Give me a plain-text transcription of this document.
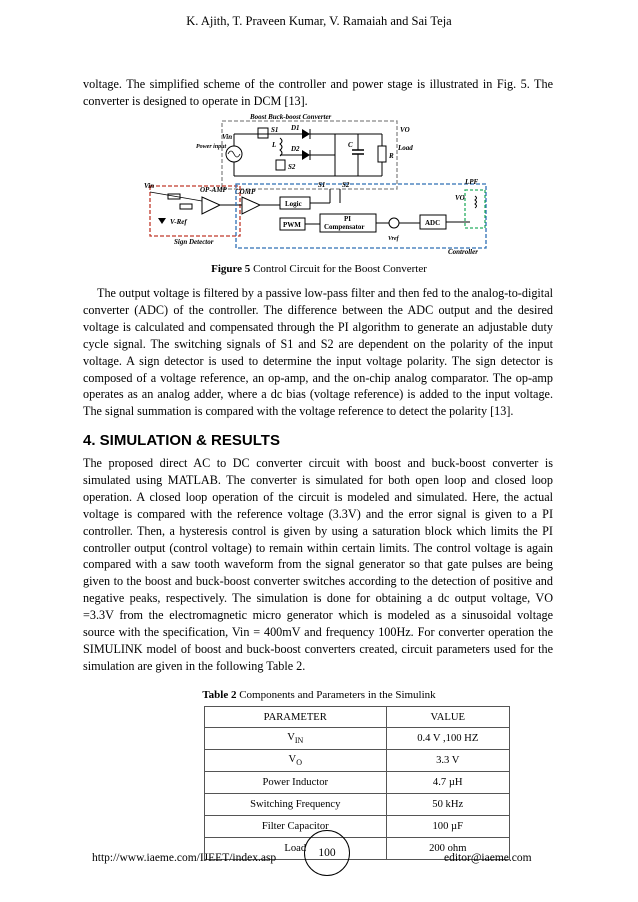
K. Ajith, T. Praveen Kumar, V. Ramaiah and Sai Teja

voltage. The simplified scheme of the controller and power stage is illustrated in Fig. 5. The converter is designed to operate in DCM [13].

Boost Buck-boost Converter
Vin
Power input
S1 D1
L D2
S2
C
R
Load
VO
Vin	OP-AMP
V-Ref
Sign Detector
COMP
Logic
PWM
PI
Compensator
Vref
ADC
S1 S2
Controller
LPF
VO
Figure 5 Control Circuit for the Boost Converter

The output voltage is filtered by a passive low-pass filter and then fed to the analog-to-digital converter (ADC) of the controller. The difference between the ADC output and the desired voltage is calculated and compensated through the PI algorithm to generate an adjustable duty cycle signal. The switching signals of S1 and S2 are dependent on the polarity of the input voltage. A sign detector is used to determine the input voltage polarity. The sign detector is composed of a voltage reference, an op-amp, and the on-chip analog comparator. The op-amp operates as an analog adder, where a dc bias (voltage reference) is added to the input voltage. The signal summation is compared with the voltage reference to detect the polarity [13].

4. SIMULATION & RESULTS

The proposed direct AC to DC converter circuit with boost and buck-boost converter is simulated using MATLAB. The converter is simulated for both open loop and closed loop operation. A closed loop operation of the circuit is modeled and simulated. Here, the actual voltage is compared with the reference voltage (3.3V) and the error signal is given to a PI controller. Then, a hysteresis control is given by using a saturation block which limits the PI controller output (control voltage) to remain within certain limits. The control voltage is again compared with a saw tooth waveform from the signal generator so that gate pulses are being given to the boost and buck-boost converter switches according to the detection of positive and negative peaks, respectively. The simulation is done for obtaining a dc output voltage, VO =3.3V from the electromagnetic micro generator which is modeled as a sinusoidal voltage source with the specification, Vin = 400mV and frequency 100Hz. For converter operation the SIMULINK model of boost and buck-boost converters created, circuit parameters used for the simulation are given in the following Table 2.

Table 2 Components and Parameters in the Simulink
PARAMETER	VALUE
$V_{IN}$	0.4 V ,100 HZ
$V_O$	3.3 V
Power Inductor	4.7 µH
Switching Frequency	50 kHz
Filter Capacitor	100 µF
Load	200 ohm
http://www.iaeme.com/IJEET/index.asp	100	editor@iaeme.com
